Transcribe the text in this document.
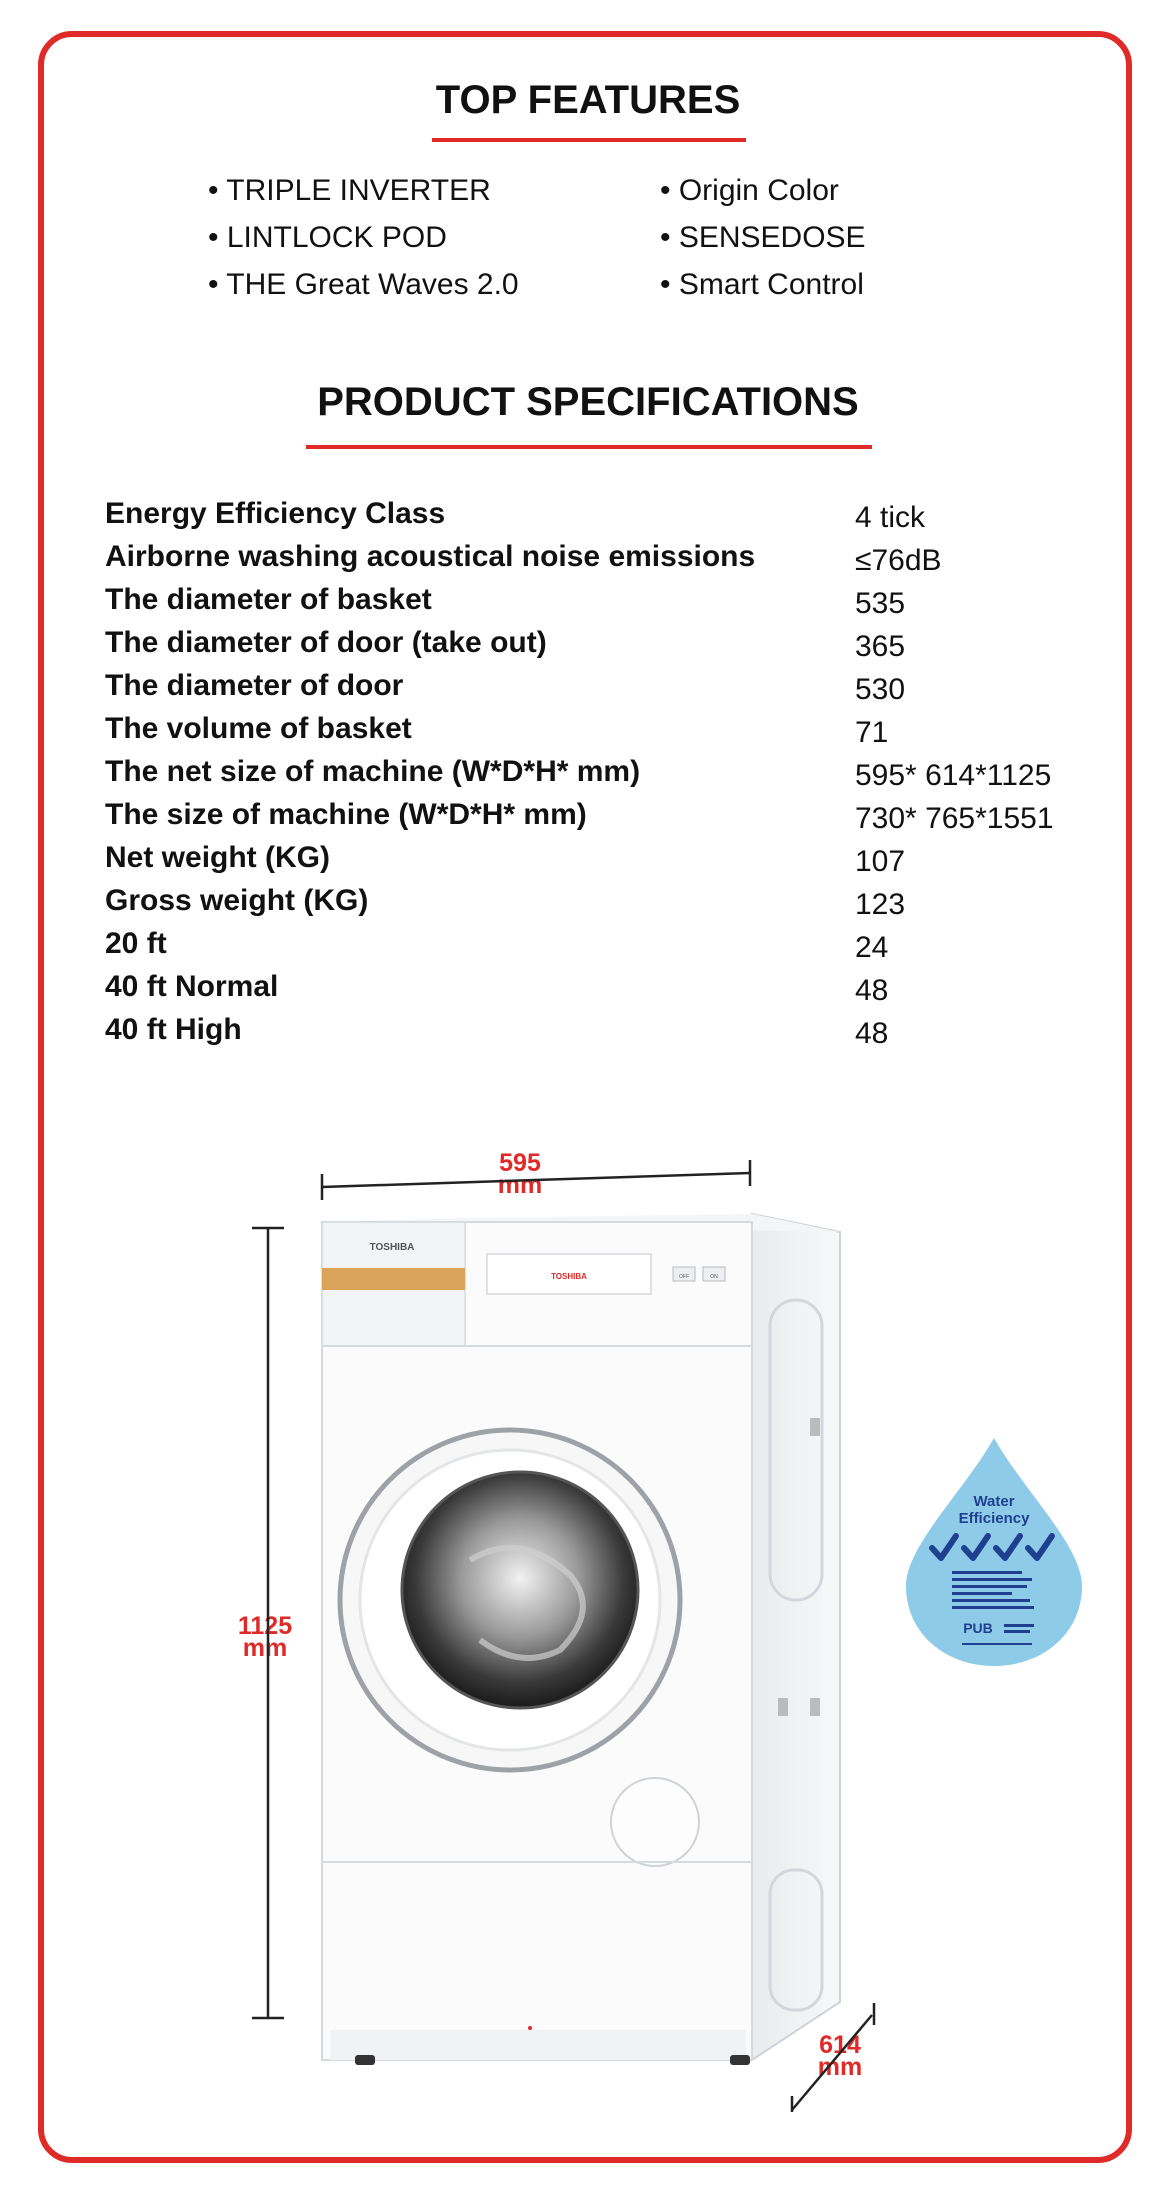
TOP FEATURES
• TRIPLE INVERTER
• LINTLOCK POD
• THE Great Waves 2.0
• Origin Color
• SENSEDOSE
• Smart Control
PRODUCT SPECIFICATIONS
Energy Efficiency Class	4 tick
Airborne washing acoustical noise emissions	≤76dB
The diameter of basket	535
The diameter of door (take out)	365
The diameter of door	530
The volume of basket	71
The net size of machine (W*D*H* mm)	595* 614*1125
The size of machine (W*D*H* mm)	730* 765*1551
Net weight (KG)	107
Gross weight (KG)	123
20 ft	24
40 ft Normal	48
40 ft High	48
595
mm
1125
mm
614
mm
TOSHIBA
TOSHIBA	OFF	ON
Water
Efficiency
PUB
